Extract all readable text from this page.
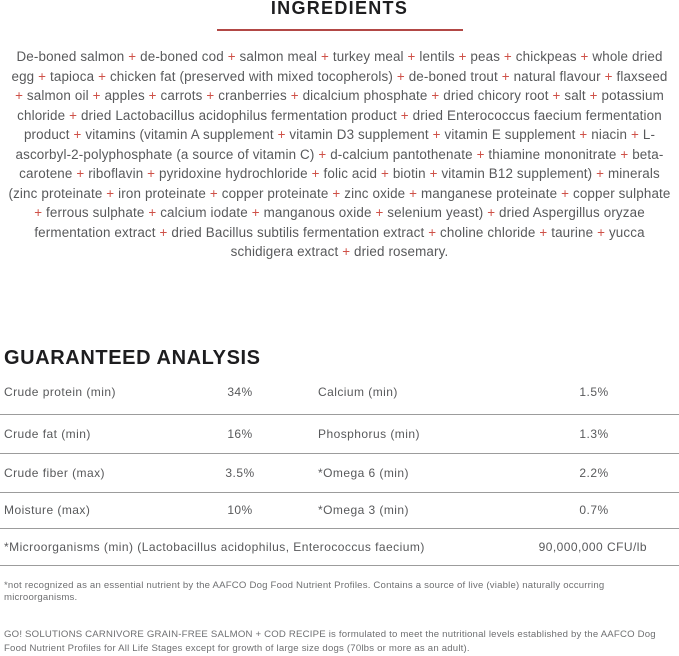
INGREDIENTS

De-boned salmon + de-boned cod + salmon meal + turkey meal + lentils + peas + chickpeas + whole dried egg + tapioca + chicken fat (preserved with mixed tocopherols) + de-boned trout + natural flavour + flaxseed + salmon oil + apples + carrots + cranberries + dicalcium phosphate + dried chicory root + salt + potassium chloride + dried Lactobacillus acidophilus fermentation product + dried Enterococcus faecium fermentation product + vitamins (vitamin A supplement + vitamin D3 supplement + vitamin E supplement + niacin + L-ascorbyl-2-polyphosphate (a source of vitamin C) + d-calcium pantothenate + thiamine mononitrate + beta-carotene + riboflavin + pyridoxine hydrochloride + folic acid + biotin + vitamin B12 supplement) + minerals (zinc proteinate + iron proteinate + copper proteinate + zinc oxide + manganese proteinate + copper sulphate + ferrous sulphate + calcium iodate + manganous oxide + selenium yeast) + dried Aspergillus oryzae fermentation extract + dried Bacillus subtilis fermentation extract + choline chloride + taurine + yucca schidigera extract + dried rosemary.

GUARANTEED ANALYSIS
Crude protein (min)	34%	Calcium (min)	1.5%
Crude fat (min)	16%	Phosphorus (min)	1.3%
Crude fiber (max)	3.5%	*Omega 6 (min)	2.2%
Moisture (max)	10%	*Omega 3 (min)	0.7%
*Microorganisms (min) (Lactobacillus acidophilus, Enterococcus faecium)	90,000,000 CFU/lb

*not recognized as an essential nutrient by the AAFCO Dog Food Nutrient Profiles. Contains a source of live (viable) naturally occurring microorganisms.

GO! SOLUTIONS CARNIVORE GRAIN-FREE SALMON + COD RECIPE is formulated to meet the nutritional levels established by the AAFCO Dog Food Nutrient Profiles for All Life Stages except for growth of large size dogs (70lbs or more as an adult).
